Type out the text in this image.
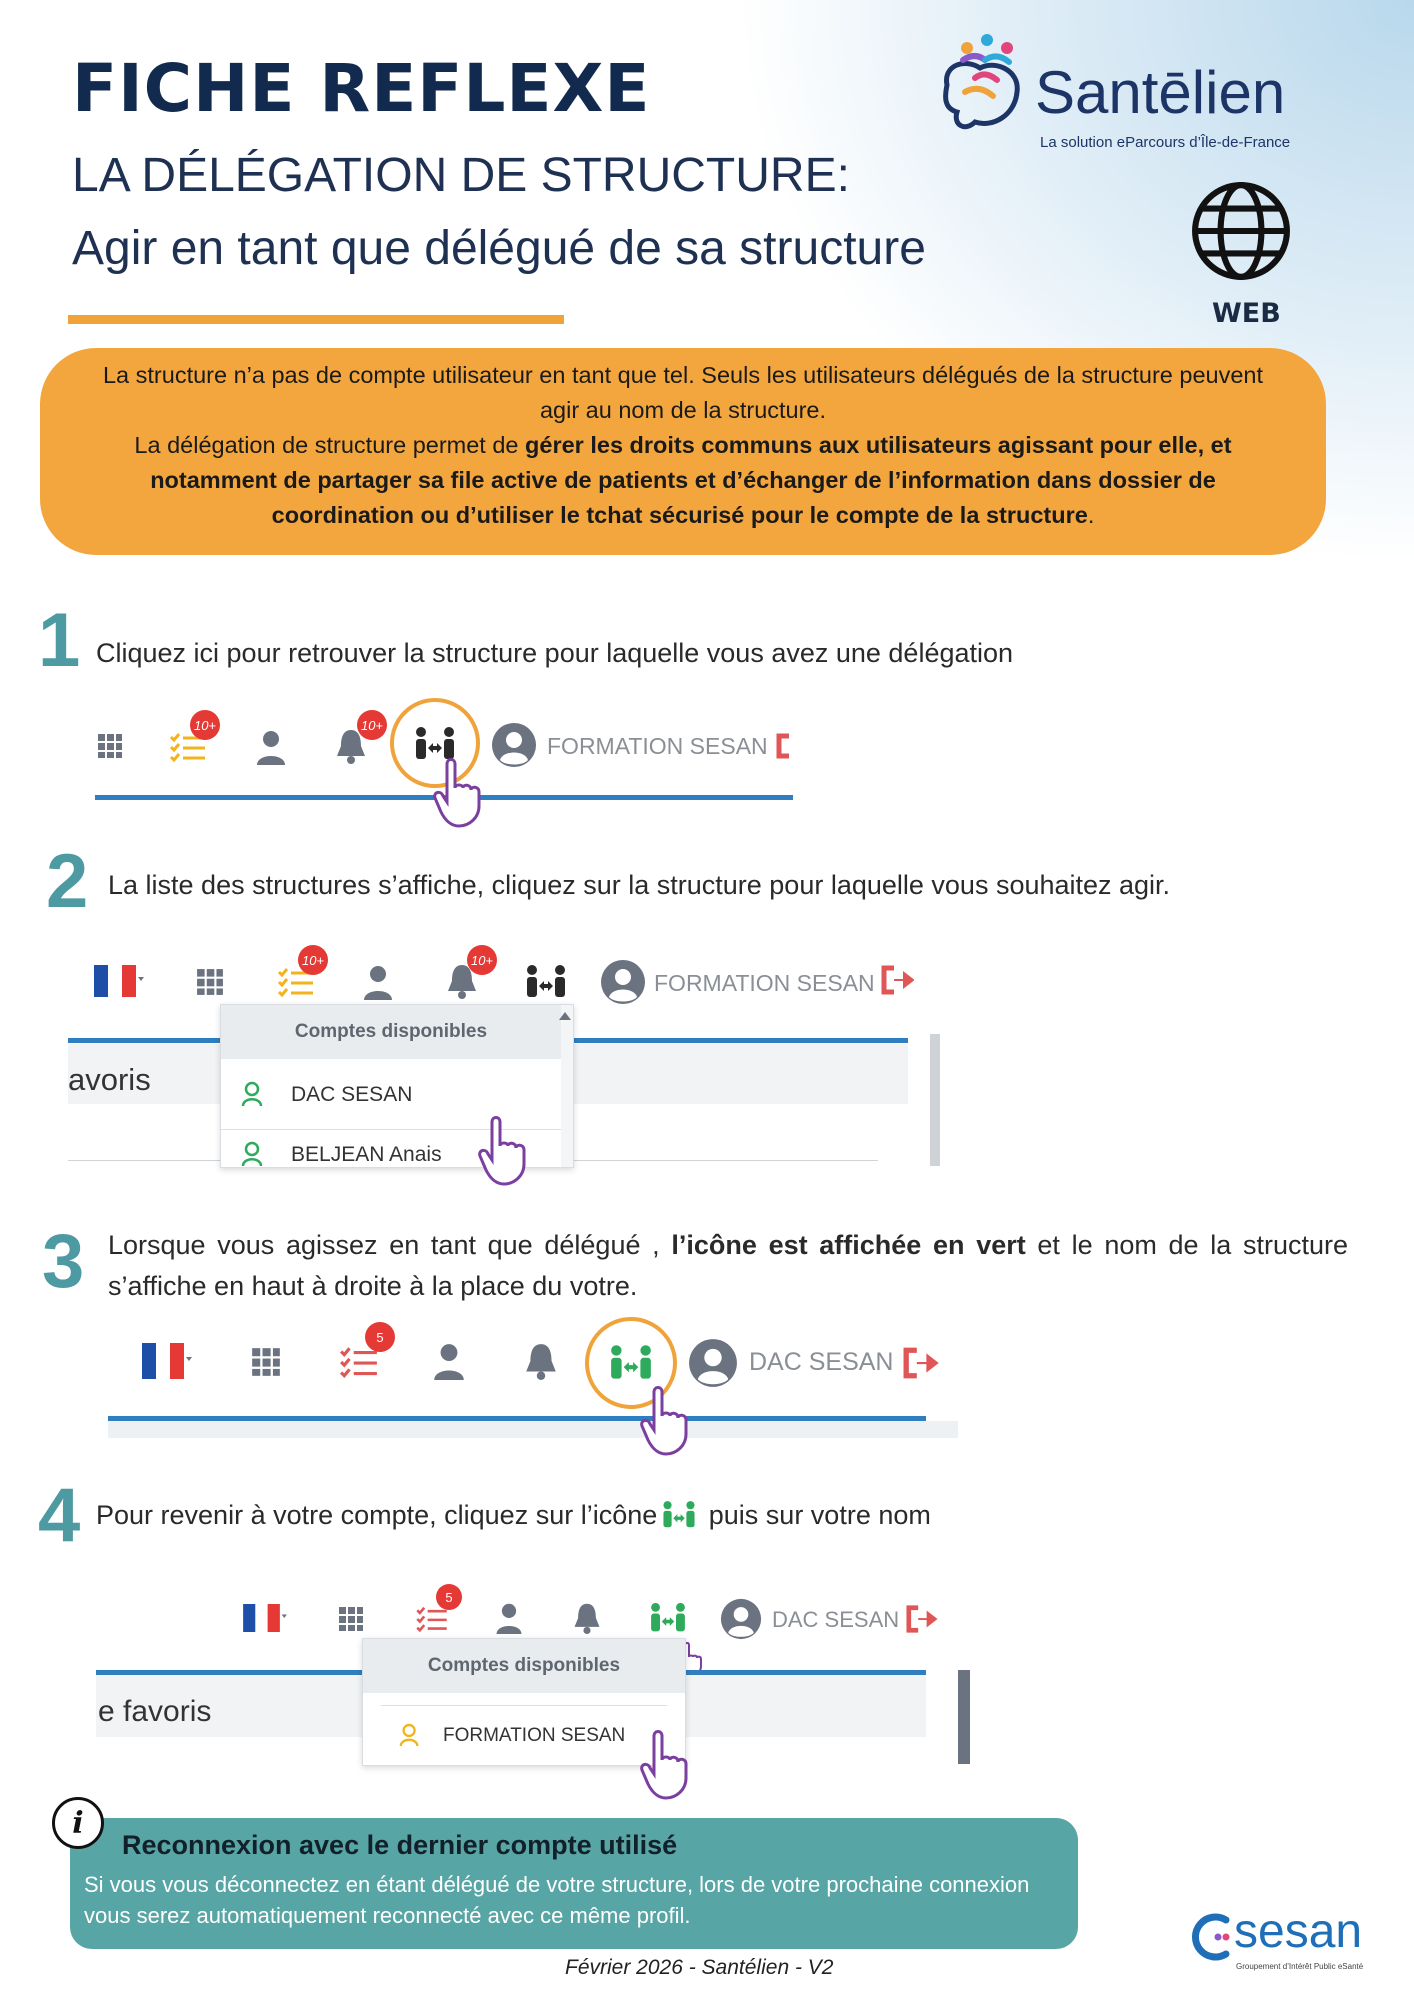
FICHE REFLEXE
LA DÉLÉGATION DE STRUCTURE:
Agir en tant que délégué de sa structure
Santēlien
La solution eParcours d’Île-de-France
WEB
La structure n’a pas de compte utilisateur en tant que tel. Seuls les utilisateurs délégués de la structure peuvent agir au nom de la structure.
La délégation de structure permet de gérer les droits communs aux utilisateurs agissant pour elle, et notamment de partager sa file active de patients et d’échanger de l’information dans dossier de coordination ou d’utiliser le tchat sécurisé pour le compte de la structure.
1 Cliquez ici pour retrouver la structure pour laquelle vous avez une délégation
10+	10+
FORMATION SESAN
2 La liste des structures s’affiche, cliquez sur la structure pour laquelle vous souhaitez agir.
10+	10+
FORMATION SESAN
avoris
Comptes disponibles
DAC SESAN
BELJEAN Anais
3 Lorsque vous agissez en tant que délégué , l’icône est affichée en vert et le nom de la structure s’affiche en haut à droite à la place du votre.
5
DAC SESAN
4 Pour revenir à votre compte, cliquez sur l’icône puis sur votre nom
5
DAC SESAN
e favoris
Comptes disponibles
FORMATION SESAN
Reconnexion avec le dernier compte utilisé
Si vous vous déconnectez en étant délégué de votre structure, lors de votre prochaine connexion vous serez automatiquement reconnecté avec ce même profil.
i
Février 2026 - Santélien - V2
sesan
Groupement d’Intérêt Public eSanté
